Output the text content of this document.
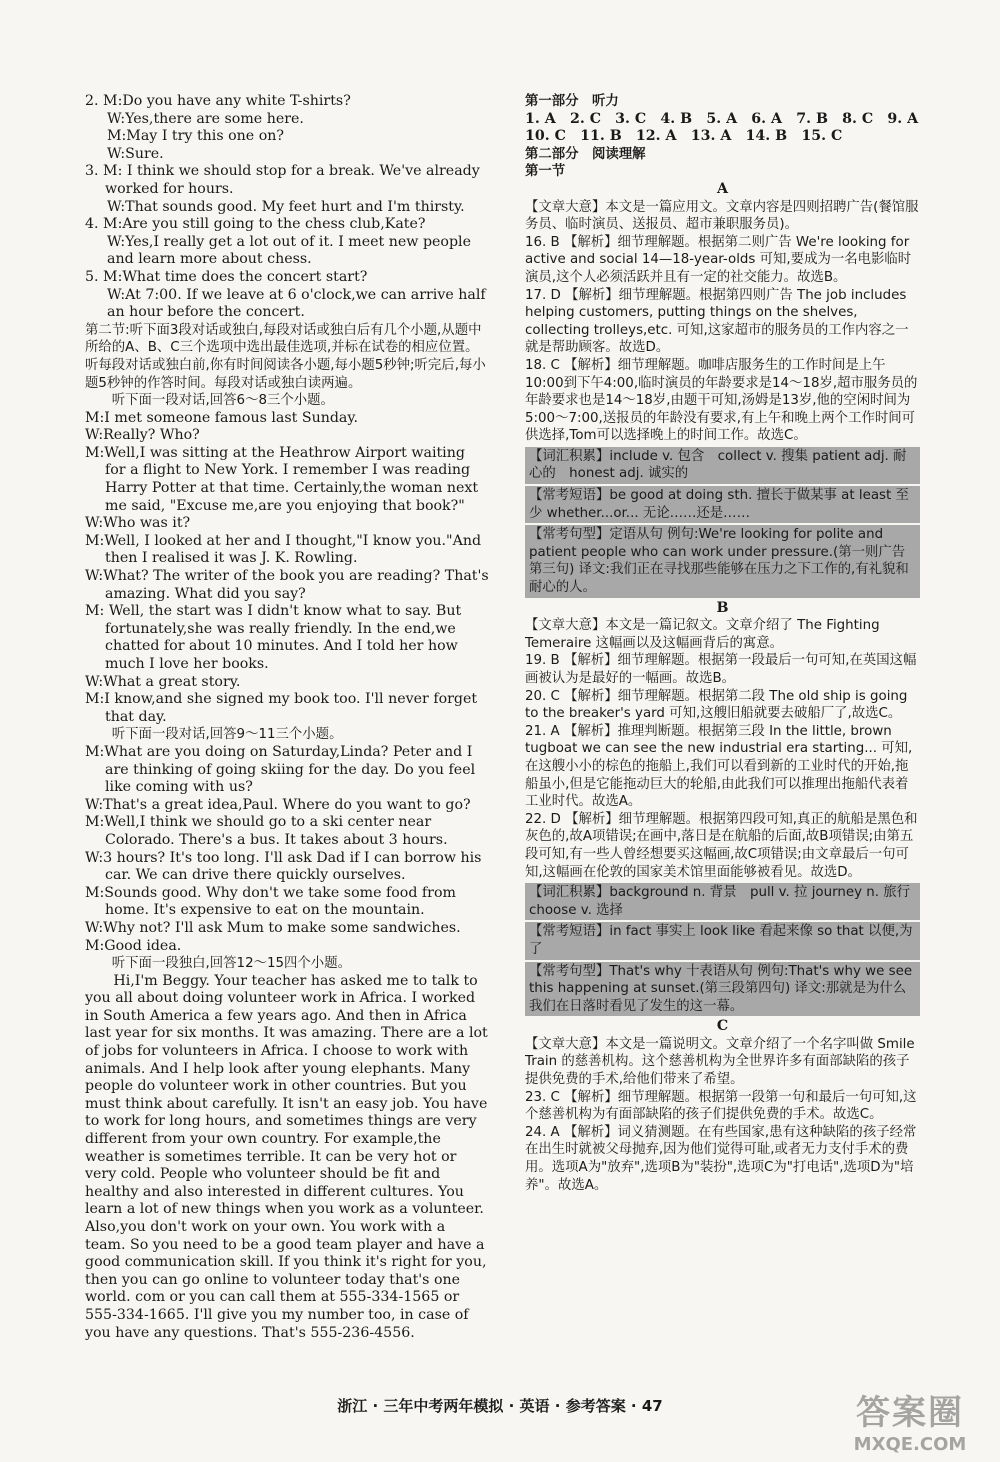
2. M:Do you have any white T-shirts?

W:Yes,there are some here.

M:May I try this one on?

W:Sure.

3. M: I think we should stop for a break. We've already worked for hours.

W:That sounds good. My feet hurt and I'm thirsty.

4. M:Are you still going to the chess club,Kate?

W:Yes,I really get a lot out of it. I meet new people and learn more about chess.

5. M:What time does the concert start?

W:At 7:00. If we leave at 6 o'clock,we can arrive half an hour before the concert.

第二节:听下面3段对话或独白,每段对话或独白后有几个小题,从题中所给的A、B、C三个选项中选出最佳选项,并标在试卷的相应位置。听每段对话或独白前,你有时间阅读各小题,每小题5秒钟;听完后,每小题5秒钟的作答时间。每段对话或独白读两遍。

　　听下面一段对话,回答6～8三个小题。

M:I met someone famous last Sunday.

W:Really? Who?

M:Well,I was sitting at the Heathrow Airport waiting for a flight to New York. I remember I was reading Harry Potter at that time. Certainly,the woman next me said, "Excuse me,are you enjoying that book?"

W:Who was it?

M:Well, I looked at her and I thought,"I know you."And then I realised it was J. K. Rowling.

W:What? The writer of the book you are reading? That's amazing. What did you say?

M: Well, the start was I didn't know what to say. But fortunately,she was really friendly. In the end,we chatted for about 10 minutes. And I told her how much I love her books.

W:What a great story.

M:I know,and she signed my book too. I'll never forget that day.

　　听下面一段对话,回答9～11三个小题。

M:What are you doing on Saturday,Linda? Peter and I are thinking of going skiing for the day. Do you feel like coming with us?

W:That's a great idea,Paul. Where do you want to go?

M:Well,I think we should go to a ski center near Colorado. There's a bus. It takes about 3 hours.

W:3 hours? It's too long. I'll ask Dad if I can borrow his car. We can drive there quickly ourselves.

M:Sounds good. Why don't we take some food from home. It's expensive to eat on the mountain.

W:Why not? I'll ask Mum to make some sandwiches.

M:Good idea.

　　听下面一段独白,回答12～15四个小题。

　　Hi,I'm Beggy. Your teacher has asked me to talk to you all about doing volunteer work in Africa. I worked in South America a few years ago. And then in Africa last year for six months. It was amazing. There are a lot of jobs for volunteers in Africa. I choose to work with animals. And I help look after young elephants. Many people do volunteer work in other countries. But you must think about carefully. It isn't an easy job. You have to work for long hours, and sometimes things are very different from your own country. For example,the weather is sometimes terrible. It can be very hot or very cold. People who volunteer should be fit and healthy and also interested in different cultures. You learn a lot of new things when you work as a volunteer. Also,you don't work on your own. You work with a team. So you need to be a good team player and have a good communication skill. If you think it's right for you, then you can go online to volunteer today that's one world. com or you can call them at 555-334-1565 or 555-334-1665. I'll give you my number too, in case of you have any questions. That's 555-236-4556.

第一部分　听力

1. A　2. C　3. C　4. B　5. A　6. A　7. B　8. C　9. A

10. C　11. B　12. A　13. A　14. B　15. C

第二部分　阅读理解

第一节

A

【文章大意】本文是一篇应用文。文章内容是四则招聘广告(餐馆服务员、临时演员、送报员、超市兼职服务员)。

16. B 【解析】细节理解题。根据第二则广告 We're looking for active and social 14—18-year-olds 可知,要成为一名电影临时演员,这个人必须活跃并且有一定的社交能力。故选B。

17. D 【解析】细节理解题。根据第四则广告 The job includes helping customers, putting things on the shelves, collecting trolleys,etc. 可知,这家超市的服务员的工作内容之一就是帮助顾客。故选D。

18. C 【解析】细节理解题。咖啡店服务生的工作时间是上午10:00到下午4:00,临时演员的年龄要求是14～18岁,超市服务员的年龄要求也是14～18岁,由题干可知,汤姆是13岁,他的空闲时间为5:00～7:00,送报员的年龄没有要求,有上午和晚上两个工作时间可供选择,Tom可以选择晚上的时间工作。故选C。

【词汇积累】include v. 包含　collect v. 搜集 patient adj. 耐心的　honest adj. 诚实的

【常考短语】be good at doing sth. 擅长于做某事 at least 至少 whether...or... 无论……还是……

【常考句型】定语从句 例句:We're looking for polite and patient people who can work under pressure.(第一则广告第三句) 译文:我们正在寻找那些能够在压力之下工作的,有礼貌和耐心的人。

B

【文章大意】本文是一篇记叙文。文章介绍了 The Fighting Temeraire 这幅画以及这幅画背后的寓意。

19. B 【解析】细节理解题。根据第一段最后一句可知,在英国这幅画被认为是最好的一幅画。故选B。

20. C 【解析】细节理解题。根据第二段 The old ship is going to the breaker's yard 可知,这艘旧船就要去破船厂了,故选C。

21. A 【解析】推理判断题。根据第三段 In the little, brown tugboat we can see the new industrial era starting... 可知,在这艘小小的棕色的拖船上,我们可以看到新的工业时代的开始,拖船虽小,但是它能拖动巨大的轮船,由此我们可以推理出拖船代表着工业时代。故选A。

22. D 【解析】细节理解题。根据第四段可知,真正的航船是黑色和灰色的,故A项错误;在画中,落日是在航船的后面,故B项错误;由第五段可知,有一些人曾经想要买这幅画,故C项错误;由文章最后一句可知,这幅画在伦敦的国家美术馆里面能够被看见。故选D。

【词汇积累】background n. 背景　pull v. 拉 journey n. 旅行　choose v. 选择

【常考短语】in fact 事实上 look like 看起来像 so that 以便,为了

【常考句型】That's why 十表语从句 例句:That's why we see this happening at sunset.(第三段第四句) 译文:那就是为什么我们在日落时看见了发生的这一幕。

C

【文章大意】本文是一篇说明文。文章介绍了一个名字叫做 Smile Train 的慈善机构。这个慈善机构为全世界许多有面部缺陷的孩子提供免费的手术,给他们带来了希望。

23. C 【解析】细节理解题。根据第一段第一句和最后一句可知,这个慈善机构为有面部缺陷的孩子们提供免费的手术。故选C。

24. A 【解析】词义猜测题。在有些国家,患有这种缺陷的孩子经常在出生时就被父母抛弃,因为他们觉得可耻,或者无力支付手术的费用。选项A为"放弃",选项B为"装扮",选项C为"打电话",选项D为"培养"。故选A。

浙江 · 三年中考两年模拟 · 英语 · 参考答案 · 47	答案圈
MXQE.COM
